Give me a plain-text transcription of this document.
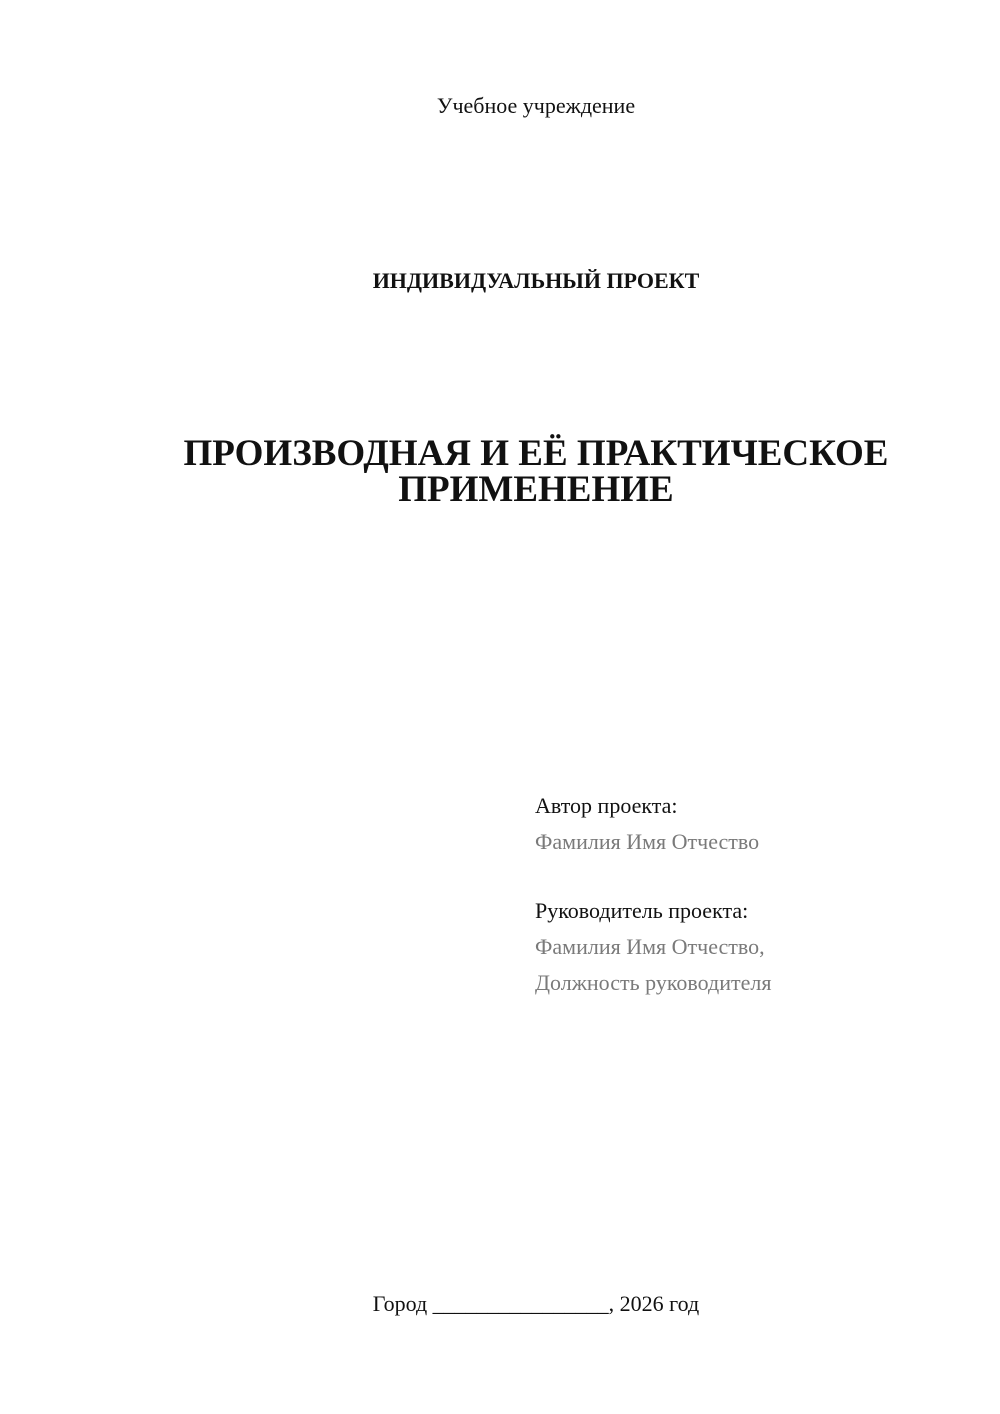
Учебное учреждение
ИНДИВИДУАЛЬНЫЙ ПРОЕКТ
ПРОИЗВОДНАЯ И ЕЁ ПРАКТИЧЕСКОЕ
ПРИМЕНЕНИЕ
Автор проекта:
Фамилия Имя Отчество
Руководитель проекта:
Фамилия Имя Отчество,
Должность руководителя
Город ________________, 2026 год
